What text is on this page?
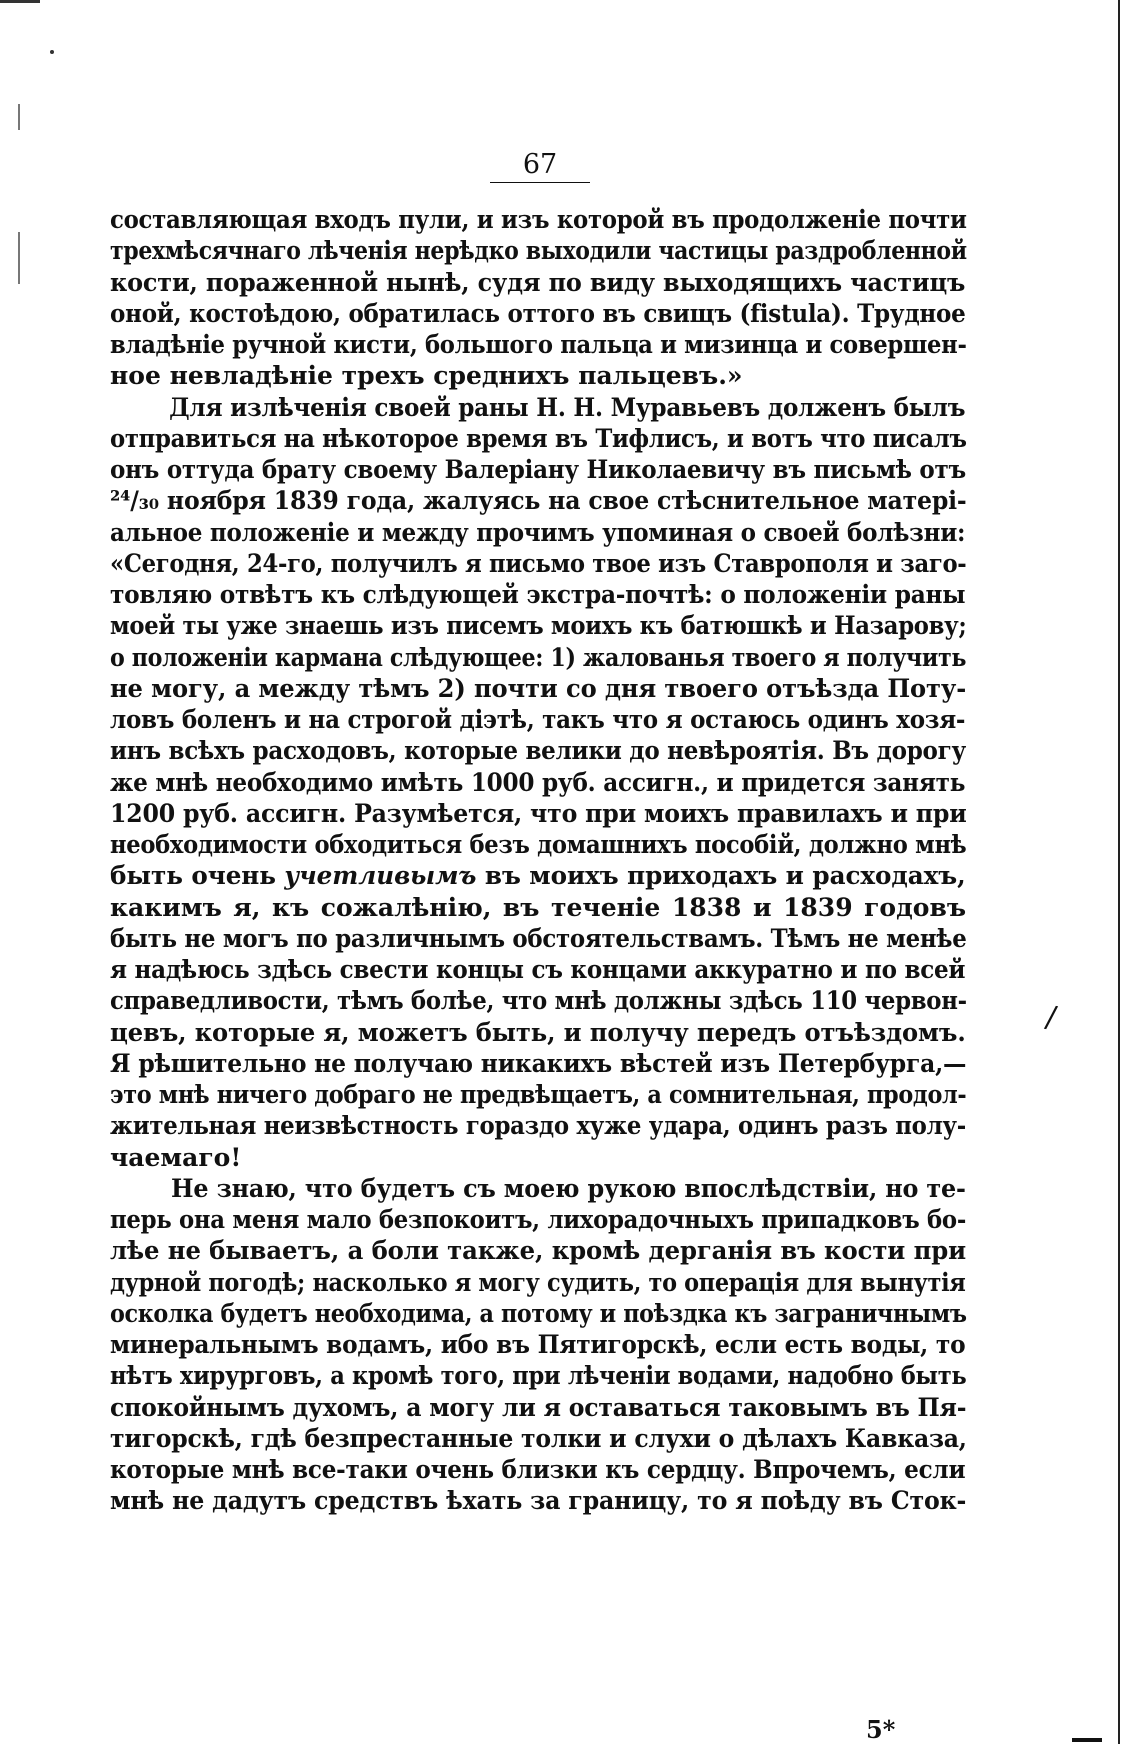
67
составляющая входъ пули, и изъ которой въ продолженіе почти
трехмѣсячнаго лѣченія нерѣдко выходили частицы раздробленной
кости, пораженной нынѣ, судя по виду выходящихъ частицъ
оной, костоѣдою, обратилась оттого въ свищъ (fistula). Трудное
владѣніе ручной кисти, большого пальца и мизинца и совершен-
ное невладѣніе трехъ среднихъ пальцевъ.»
Для излѣченія своей раны Н. Н. Муравьевъ долженъ былъ
отправиться на нѣкоторое время въ Тифлисъ, и вотъ что писалъ
онъ оттуда брату своему Валеріану Николаевичу въ письмѣ отъ
²⁴/₃₀ ноября 1839 года, жалуясь на свое стѣснительное матері-
альное положеніе и между прочимъ упоминая о своей болѣзни:
«Сегодня, 24-го, получилъ я письмо твое изъ Ставрополя и заго-
товляю отвѣтъ къ слѣдующей экстра-почтѣ: о положеніи раны
моей ты уже знаешь изъ писемъ моихъ къ батюшкѣ и Назарову;
о положеніи кармана слѣдующее: 1) жалованья твоего я получить
не могу, а между тѣмъ 2) почти со дня твоего отъѣзда Поту-
ловъ боленъ и на строгой діэтѣ, такъ что я остаюсь одинъ хозя-
инъ всѣхъ расходовъ, которые велики до невѣроятія. Въ дорогу
же мнѣ необходимо имѣть 1000 руб. ассигн., и придется занять
1200 руб. ассигн. Разумѣется, что при моихъ правилахъ и при
необходимости обходиться безъ домашнихъ пособій, должно мнѣ
быть очень учетливымъ въ моихъ приходахъ и расходахъ,
какимъ я, къ сожалѣнію, въ теченіе 1838 и 1839 годовъ
быть не могъ по различнымъ обстоятельствамъ. Тѣмъ не менѣе
я надѣюсь здѣсь свести концы съ концами аккуратно и по всей
справедливости, тѣмъ болѣе, что мнѣ должны здѣсь 110 червон-
цевъ, которые я, можетъ быть, и получу передъ отъѣздомъ.
Я рѣшительно не получаю никакихъ вѣстей изъ Петербурга,—
это мнѣ ничего добраго не предвѣщаетъ, а сомнительная, продол-
жительная неизвѣстность гораздо хуже удара, одинъ разъ полу-
чаемаго!
Не знаю, что будетъ съ моею рукою впослѣдствіи, но те-
перь она меня мало безпокоитъ, лихорадочныхъ припадковъ бо-
лѣе не бываетъ, а боли также, кромѣ дерганія въ кости при
дурной погодѣ; насколько я могу судить, то операція для вынутія
осколка будетъ необходима, а потому и поѣздка къ заграничнымъ
минеральнымъ водамъ, ибо въ Пятигорскѣ, если есть воды, то
нѣтъ хирурговъ, а кромѣ того, при лѣченіи водами, надобно быть
спокойнымъ духомъ, а могу ли я оставаться таковымъ въ Пя-
тигорскѣ, гдѣ безпрестанные толки и слухи о дѣлахъ Кавказа,
которые мнѣ все-таки очень близки къ сердцу. Впрочемъ, если
мнѣ не дадутъ средствъ ѣхать за границу, то я поѣду въ Сток-
/
5*
